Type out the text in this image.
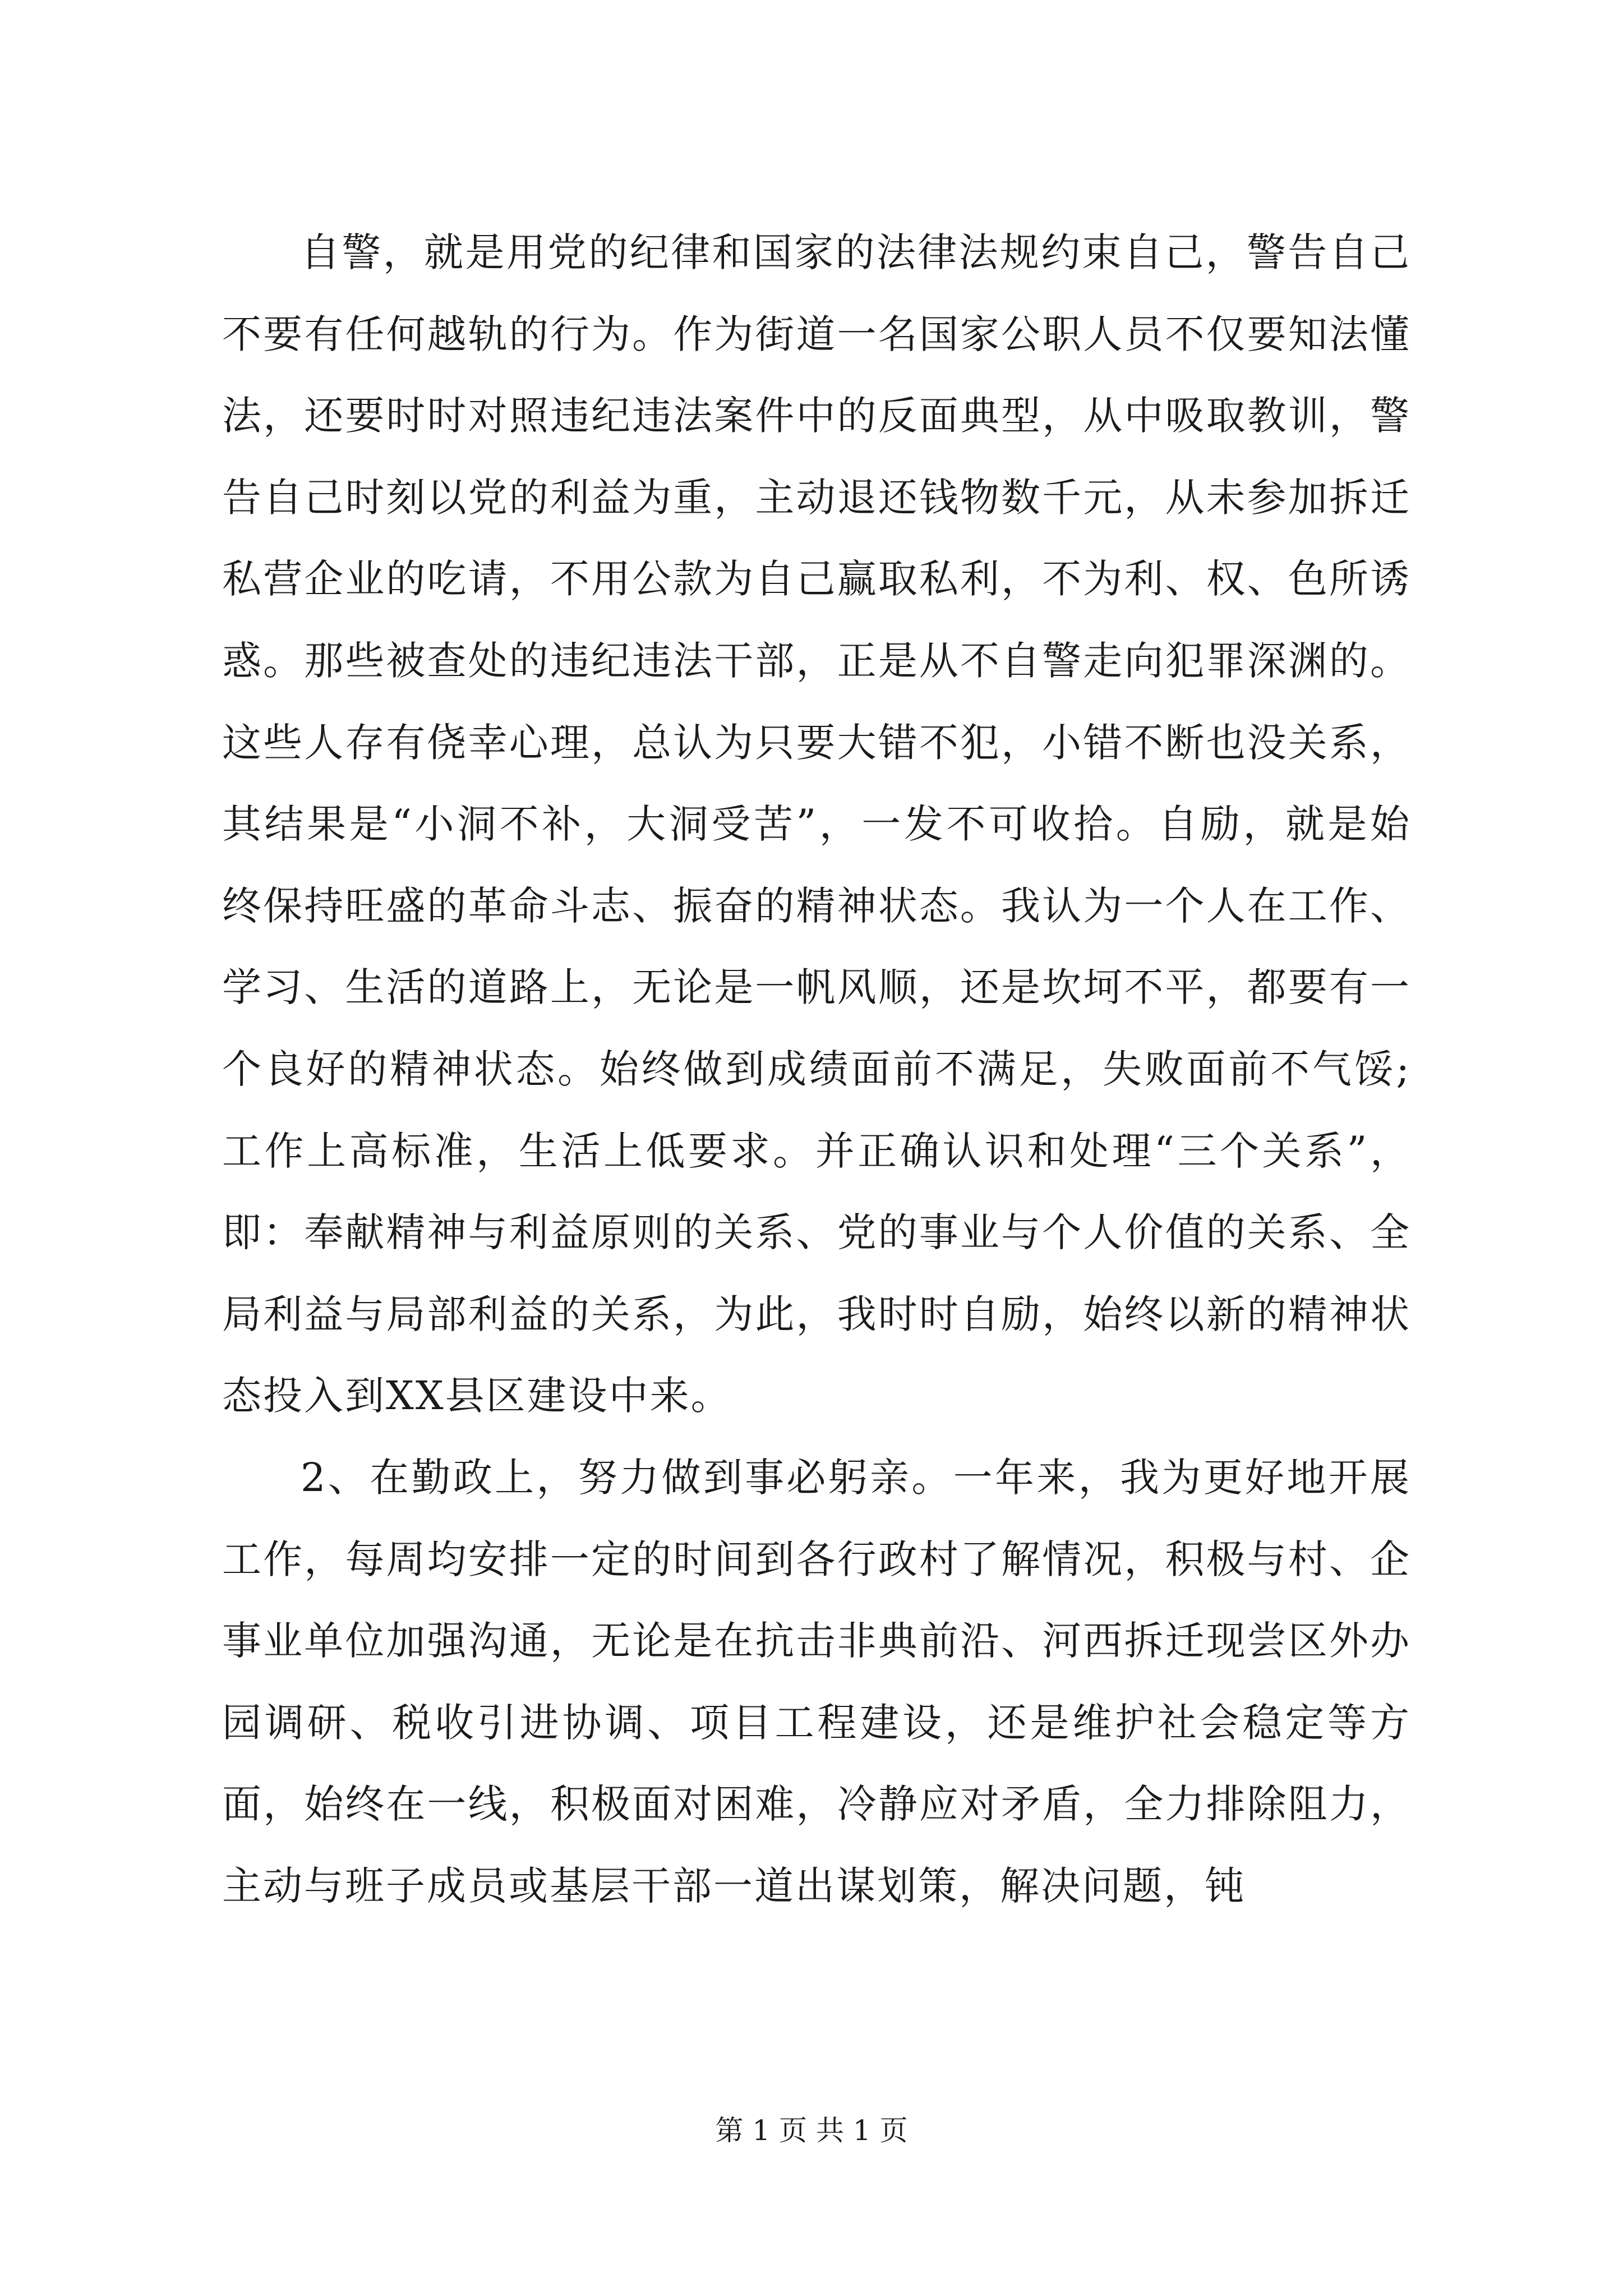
自警，就是用党的纪律和国家的法律法规约束自己，警告自己不要有任何越轨的行为。作为街道一名国家公职人员不仅要知法懂法，还要时时对照违纪违法案件中的反面典型，从中吸取教训，警告自己时刻以党的利益为重，主动退还钱物数千元，从未参加拆迁私营企业的吃请，不用公款为自己赢取私利，不为利、权、色所诱惑。那些被查处的违纪违法干部，正是从不自警走向犯罪深渊的。这些人存有侥幸心理，总认为只要大错不犯，小错不断也没关系，其结果是“小洞不补，大洞受苦”，一发不可收拾。自励，就是始终保持旺盛的革命斗志、振奋的精神状态。我认为一个人在工作、学习、生活的道路上，无论是一帆风顺，还是坎坷不平，都要有一个良好的精神状态。始终做到成绩面前不满足，失败面前不气馁;工作上高标准，生活上低要求。并正确认识和处理“三个关系”，即：奉献精神与利益原则的关系、党的事业与个人价值的关系、全局利益与局部利益的关系，为此，我时时自励，始终以新的精神状态投入到XX县区建设中来。

2、在勤政上，努力做到事必躬亲。一年来，我为更好地开展工作，每周均安排一定的时间到各行政村了解情况，积极与村、企事业单位加强沟通，无论是在抗击非典前沿、河西拆迁现尝区外办园调研、税收引进协调、项目工程建设，还是维护社会稳定等方面，始终在一线，积极面对困难，冷静应对矛盾，全力排除阻力，主动与班子成员或基层干部一道出谋划策，解决问题，钝

第 1 页 共 1 页
